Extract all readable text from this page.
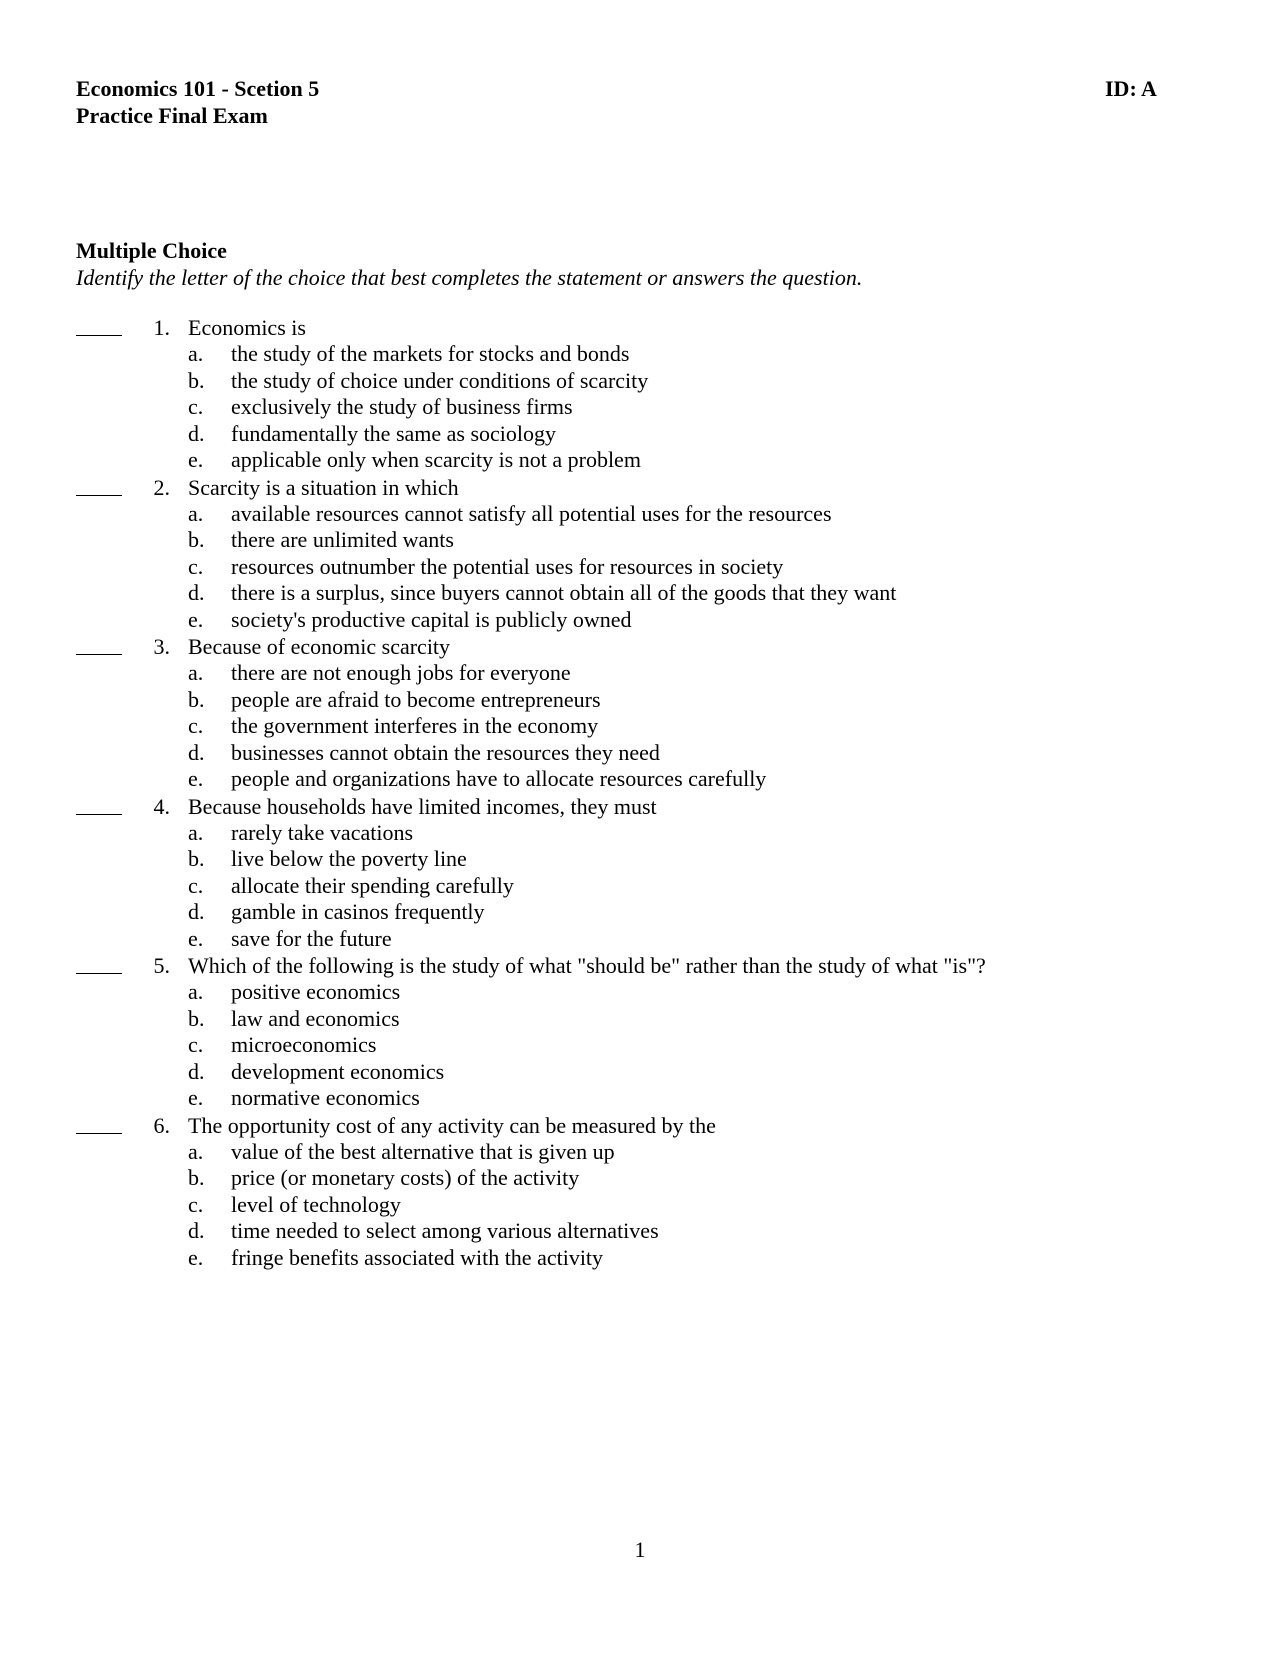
Economics 101 - Scetion 5
Practice Final Exam
ID: A
Multiple Choice
Identify the letter of the choice that best completes the statement or answers the question.
1. Economics is
a. the study of the markets for stocks and bonds
b. the study of choice under conditions of scarcity
c. exclusively the study of business firms
d. fundamentally the same as sociology
e. applicable only when scarcity is not a problem
2. Scarcity is a situation in which
a. available resources cannot satisfy all potential uses for the resources
b. there are unlimited wants
c. resources outnumber the potential uses for resources in society
d. there is a surplus, since buyers cannot obtain all of the goods that they want
e. society's productive capital is publicly owned
3. Because of economic scarcity
a. there are not enough jobs for everyone
b. people are afraid to become entrepreneurs
c. the government interferes in the economy
d. businesses cannot obtain the resources they need
e. people and organizations have to allocate resources carefully
4. Because households have limited incomes, they must
a. rarely take vacations
b. live below the poverty line
c. allocate their spending carefully
d. gamble in casinos frequently
e. save for the future
5. Which of the following is the study of what "should be" rather than the study of what "is"?
a. positive economics
b. law and economics
c. microeconomics
d. development economics
e. normative economics
6. The opportunity cost of any activity can be measured by the
a. value of the best alternative that is given up
b. price (or monetary costs) of the activity
c. level of technology
d. time needed to select among various alternatives
e. fringe benefits associated with the activity
1
